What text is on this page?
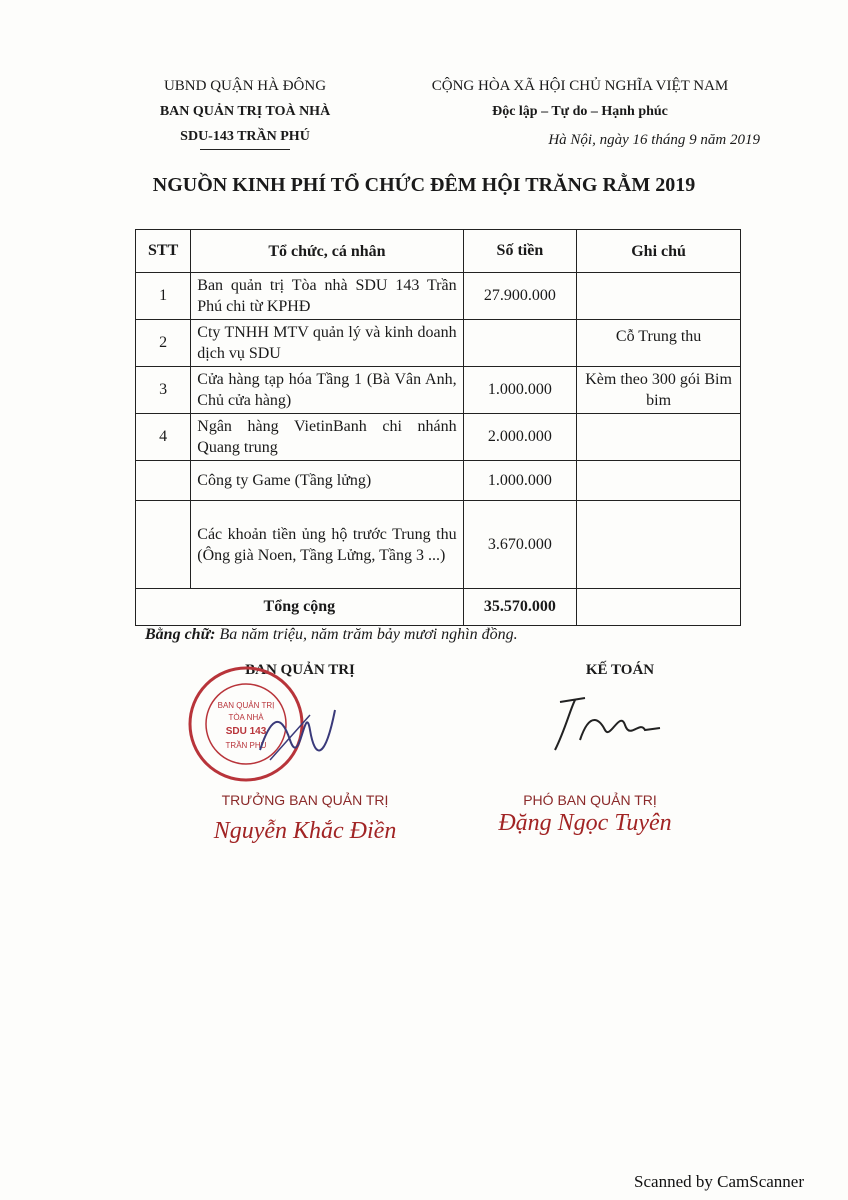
UBND QUẬN HÀ ĐÔNG
BAN QUẢN TRỊ TOÀ NHÀ
SDU-143 TRẦN PHÚ
CỘNG HÒA XÃ HỘI CHỦ NGHĨA VIỆT NAM
Độc lập – Tự do – Hạnh phúc
Hà Nội, ngày 16 tháng 9 năm 2019
NGUỒN KINH PHÍ TỔ CHỨC ĐÊM HỘI TRĂNG RẰM 2019
STT	Tổ chức, cá nhân	Số tiền	Ghi chú
1	Ban quản trị Tòa nhà SDU 143 Trần Phú chi từ KPHĐ	27.900.000	
2	Cty TNHH MTV quản lý và kinh doanh dịch vụ SDU		Cỗ Trung thu
3	Cửa hàng tạp hóa Tầng 1 (Bà Vân Anh, Chủ cửa hàng)	1.000.000	Kèm theo 300 gói Bim bim
4	Ngân hàng VietinBanh chi nhánh Quang trung	2.000.000	
	Công ty Game (Tầng lửng)	1.000.000	
	Các khoản tiền ủng hộ trước Trung thu (Ông già Noen, Tầng Lửng, Tầng 3 ...)	3.670.000	
Tổng cộng		35.570.000	
Bằng chữ: Ba năm triệu, năm trăm bảy mươi nghìn đồng.
BAN QUẢN TRỊ	KẾ TOÁN
BAN QUẢN TRỊ
TÒA NHÀ
SDU 143
TRẦN PHÚ
TRƯỞNG BAN QUẢN TRỊ
Nguyễn Khắc Điền
PHÓ BAN QUẢN TRỊ
Đặng Ngọc Tuyên
Scanned by CamScanner
